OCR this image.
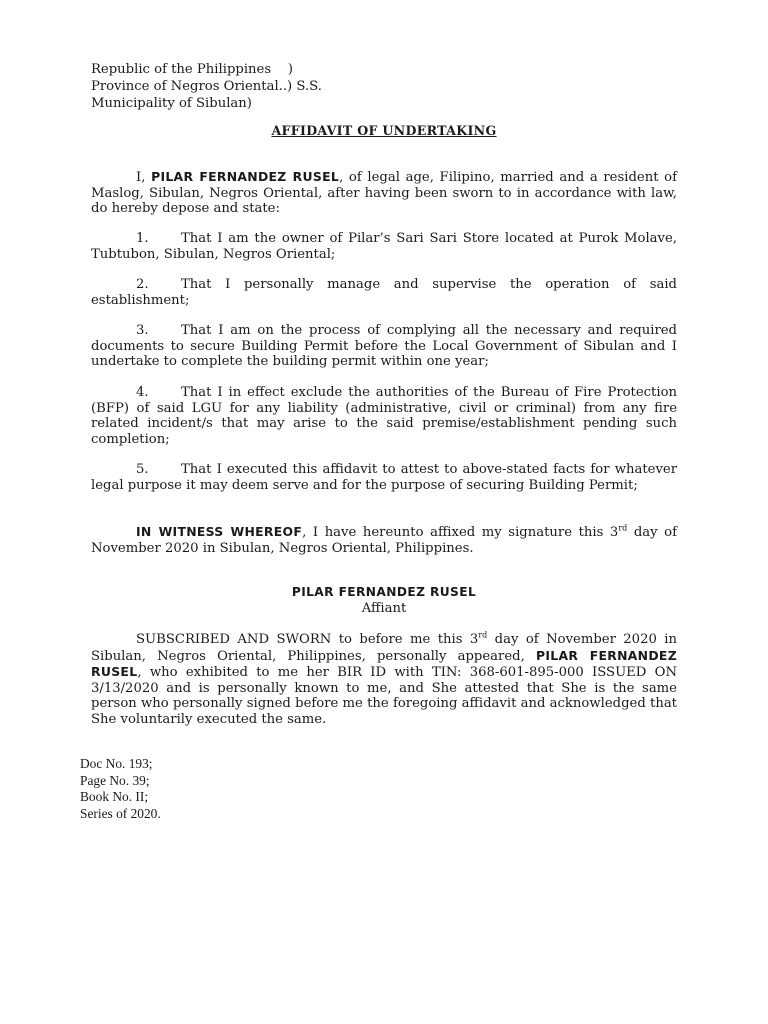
Republic of the Philippines    )
Province of Negros Oriental..) S.S.
Municipality of Sibulan)
AFFIDAVIT OF UNDERTAKING
I, PILAR FERNANDEZ RUSEL, of legal age, Filipino, married and a resident of Maslog, Sibulan, Negros Oriental, after having been sworn to in accordance with law, do hereby depose and state:
1. That I am the owner of Pilar’s Sari Sari Store located at Purok Molave, Tubtubon, Sibulan, Negros Oriental;
2. That I personally manage and supervise the operation of said establishment;
3. That I am on the process of complying all the necessary and required documents to secure Building Permit before the Local Government of Sibulan and I undertake to complete the building permit within one year;
4. That I in effect exclude the authorities of the Bureau of Fire Protection (BFP) of said LGU for any liability (administrative, civil or criminal) from any fire related incident/s that may arise to the said premise/establishment pending such completion;
5. That I executed this affidavit to attest to above-stated facts for whatever legal purpose it may deem serve and for the purpose of securing Building Permit;
IN WITNESS WHEREOF, I have hereunto affixed my signature this 3rd day of November 2020 in Sibulan, Negros Oriental, Philippines.
PILAR FERNANDEZ RUSEL
Affiant
SUBSCRIBED AND SWORN to before me this 3rd day of November 2020 in Sibulan, Negros Oriental, Philippines, personally appeared, PILAR FERNANDEZ RUSEL, who exhibited to me her BIR ID with TIN: 368-601-895-000 ISSUED ON 3/13/2020 and is personally known to me, and She attested that She is the same person who personally signed before me the foregoing affidavit and acknowledged that She voluntarily executed the same.
Doc No. 193;
Page No. 39;
Book No. II;
Series of 2020.
